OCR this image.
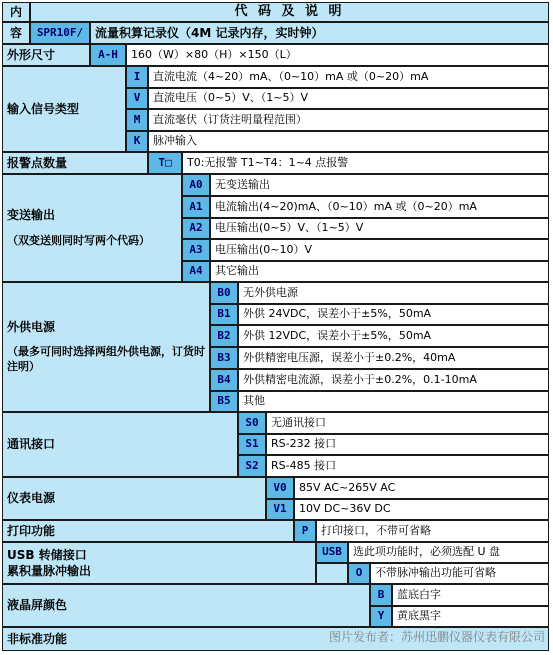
内	代 码 及 说 明
容	SPR10F/ 流量积算记录仪（4M 记录内存，实时钟）
外形尺寸	A-H	160（W）×80（H）×150（L）
输入信号类型
I	直流电流（4~20）mA、（0~10）mA 或（0~20）mA
V	直流电压（0~5）V、（1~5）V
M	直流毫伏（订货注明量程范围）
K	脉冲输入
报警点数量	T□	T0:无报警 T1~T4：1~4 点报警
变送输出
（双变送则同时写两个代码）
A0	无变送输出
A1	电流输出(4~20)mA、（0~10）mA 或（0~20）mA
A2	电压输出(0~5）V、（1~5）V
A3	电压输出(0~10）V
A4	其它输出
外供电源
（最多可同时选择两组外供电源，订货时注明）
B0	无外供电源
B1	外供 24VDC，误差小于±5%，50mA
B2	外供 12VDC，误差小于±5%，50mA
B3	外供精密电压源，误差小于±0.2%，40mA
B4	外供精密电流源，误差小于±0.2%，0.1-10mA
B5	其他
通讯接口
S0	无通讯接口
S1	RS-232 接口
S2	RS-485 接口
仪表电源
V0	85V AC~265V AC
V1	10V DC~36V DC
打印功能	P	打印接口，不带可省略
USB 转储接口
累积量脉冲输出
USB	选此项功能时，必须选配 U 盘
O	不带脉冲输出功能可省略
液晶屏颜色
B	蓝底白字
Y	黄底黑字
非标准功能	图片发布者：苏州迅鹏仪器仪表有限公司
